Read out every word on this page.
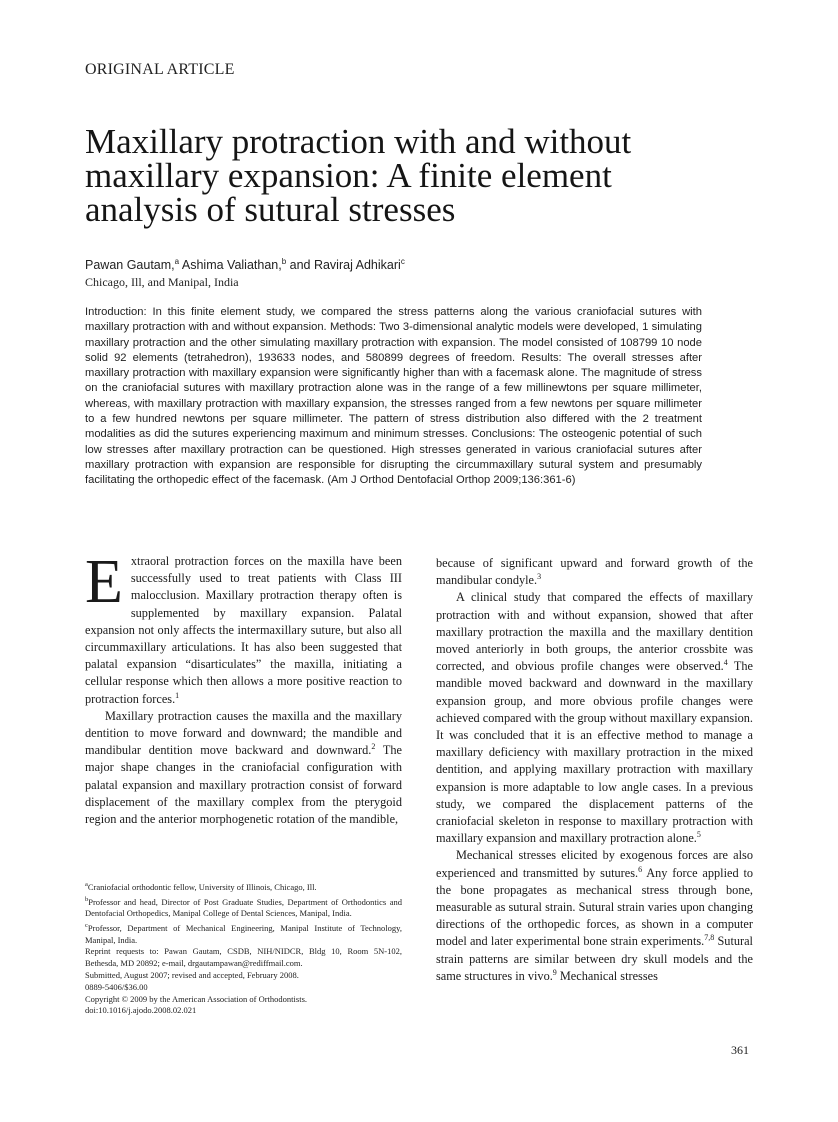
ORIGINAL ARTICLE
Maxillary protraction with and without maxillary expansion: A finite element analysis of sutural stresses
Pawan Gautam,$^a$ Ashima Valiathan,$^b$ and Raviraj Adhikari$^c$
Chicago, Ill, and Manipal, India

Introduction: In this finite element study, we compared the stress patterns along the various craniofacial sutures with maxillary protraction with and without expansion. Methods: Two 3-dimensional analytic models were developed, 1 simulating maxillary protraction and the other simulating maxillary protraction with expansion. The model consisted of 108799 10 node solid 92 elements (tetrahedron), 193633 nodes, and 580899 degrees of freedom. Results: The overall stresses after maxillary protraction with maxillary expansion were significantly higher than with a facemask alone. The magnitude of stress on the craniofacial sutures with maxillary protraction alone was in the range of a few millinewtons per square millimeter, whereas, with maxillary protraction with maxillary expansion, the stresses ranged from a few newtons per square millimeter to a few hundred newtons per square millimeter. The pattern of stress distribution also differed with the 2 treatment modalities as did the sutures experiencing maximum and minimum stresses. Conclusions: The osteogenic potential of such low stresses after maxillary protraction can be questioned. High stresses generated in various craniofacial sutures after maxillary protraction with expansion are responsible for disrupting the circummaxillary sutural system and presumably facilitating the orthopedic effect of the facemask. (Am J Orthod Dentofacial Orthop 2009;136:361-6)

Extraoral protraction forces on the maxilla have been successfully used to treat patients with Class III malocclusion. Maxillary protraction therapy often is supplemented by maxillary expansion. Palatal expansion not only affects the intermaxillary suture, but also all circummaxillary articulations. It has also been suggested that palatal expansion “disarticulates” the maxilla, initiating a cellular response which then allows a more positive reaction to protraction forces.$^1$

Maxillary protraction causes the maxilla and the maxillary dentition to move forward and downward; the mandible and mandibular dentition move backward and downward.$^2$ The major shape changes in the craniofacial configuration with palatal expansion and maxillary protraction consist of forward displacement of the maxillary complex from the pterygoid region and the anterior morphogenetic rotation of the mandible,

$^a$Craniofacial orthodontic fellow, University of Illinois, Chicago, Ill.

$^b$Professor and head, Director of Post Graduate Studies, Department of Orthodontics and Dentofacial Orthopedics, Manipal College of Dental Sciences, Manipal, India.

$^c$Professor, Department of Mechanical Engineering, Manipal Institute of Technology, Manipal, India.

Reprint requests to: Pawan Gautam, CSDB, NIH/NIDCR, Bldg 10, Room 5N-102, Bethesda, MD 20892; e-mail, drgautampawan@rediffmail.com.

Submitted, August 2007; revised and accepted, February 2008.

0889-5406/$36.00

Copyright © 2009 by the American Association of Orthodontists.

doi:10.1016/j.ajodo.2008.02.021

because of significant upward and forward growth of the mandibular condyle.$^3$

A clinical study that compared the effects of maxillary protraction with and without expansion, showed that after maxillary protraction the maxilla and the maxillary dentition moved anteriorly in both groups, the anterior crossbite was corrected, and obvious profile changes were observed.$^4$ The mandible moved backward and downward in the maxillary expansion group, and more obvious profile changes were achieved compared with the group without maxillary expansion. It was concluded that it is an effective method to manage a maxillary deficiency with maxillary protraction in the mixed dentition, and applying maxillary protraction with maxillary expansion is more adaptable to low angle cases. In a previous study, we compared the displacement patterns of the craniofacial skeleton in response to maxillary protraction with maxillary expansion and maxillary protraction alone.$^5$

Mechanical stresses elicited by exogenous forces are also experienced and transmitted by sutures.$^6$ Any force applied to the bone propagates as mechanical stress through bone, measurable as sutural strain. Sutural strain varies upon changing directions of the orthopedic forces, as shown in a computer model and later experimental bone strain experiments.$^{7,8}$ Sutural strain patterns are similar between dry skull models and the same structures in vivo.$^9$ Mechanical stresses

361
